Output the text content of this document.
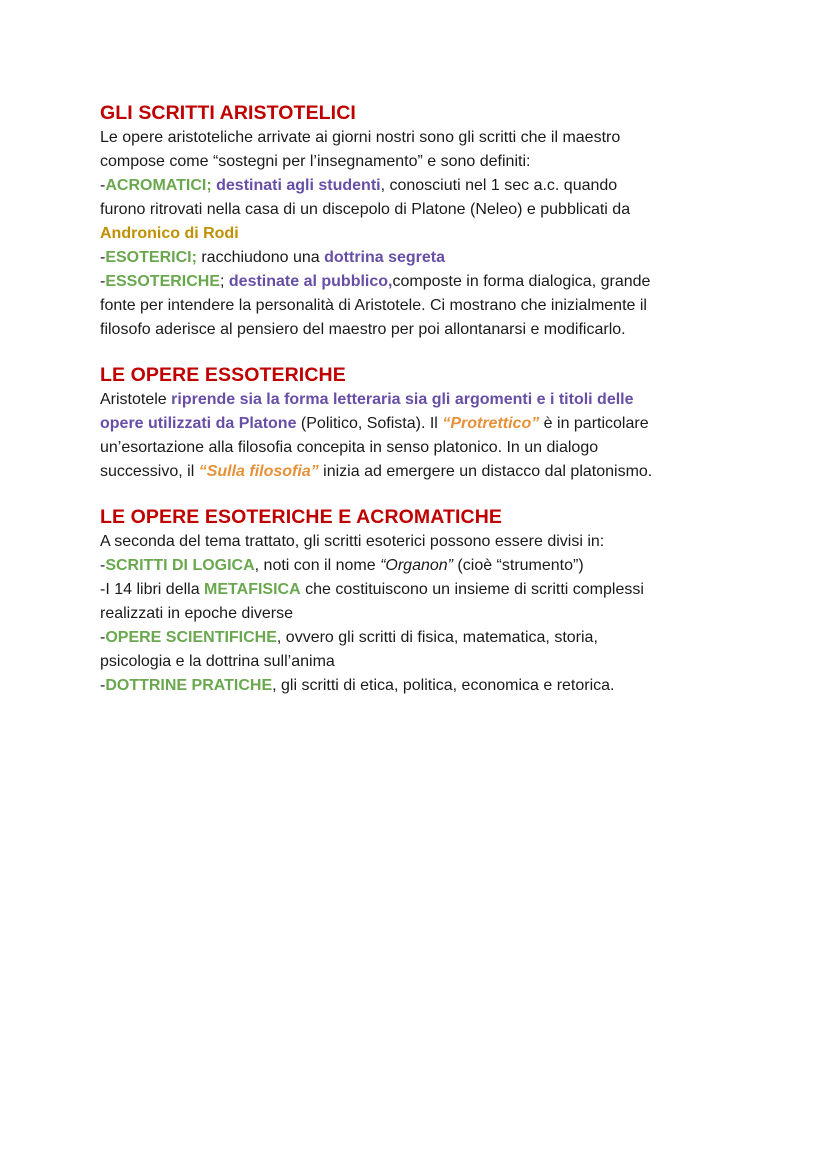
GLI SCRITTI ARISTOTELICI

Le opere aristoteliche arrivate ai giorni nostri sono gli scritti che il maestro

compose come “sostegni per l’insegnamento” e sono definiti:

-ACROMATICI; destinati agli studenti, conosciuti nel 1 sec a.c. quando

furono ritrovati nella casa di un discepolo di Platone (Neleo) e pubblicati da

Andronico di Rodi

-ESOTERICI; racchiudono una dottrina segreta

-ESSOTERICHE; destinate al pubblico,composte in forma dialogica, grande

fonte per intendere la personalità di Aristotele. Ci mostrano che inizialmente il

filosofo aderisce al pensiero del maestro per poi allontanarsi e modificarlo.

LE OPERE ESSOTERICHE

Aristotele riprende sia la forma letteraria sia gli argomenti e i titoli delle

opere utilizzati da Platone (Politico, Sofista). Il “Protrettico” è in particolare

un’esortazione alla filosofia concepita in senso platonico. In un dialogo

successivo, il “Sulla filosofia” inizia ad emergere un distacco dal platonismo.

LE OPERE ESOTERICHE E ACROMATICHE

A seconda del tema trattato, gli scritti esoterici possono essere divisi in:

-SCRITTI DI LOGICA, noti con il nome “Organon” (cioè “strumento”)

-I 14 libri della METAFISICA che costituiscono un insieme di scritti complessi

realizzati in epoche diverse

-OPERE SCIENTIFICHE, ovvero gli scritti di fisica, matematica, storia,

psicologia e la dottrina sull’anima

-DOTTRINE PRATICHE, gli scritti di etica, politica, economica e retorica.
